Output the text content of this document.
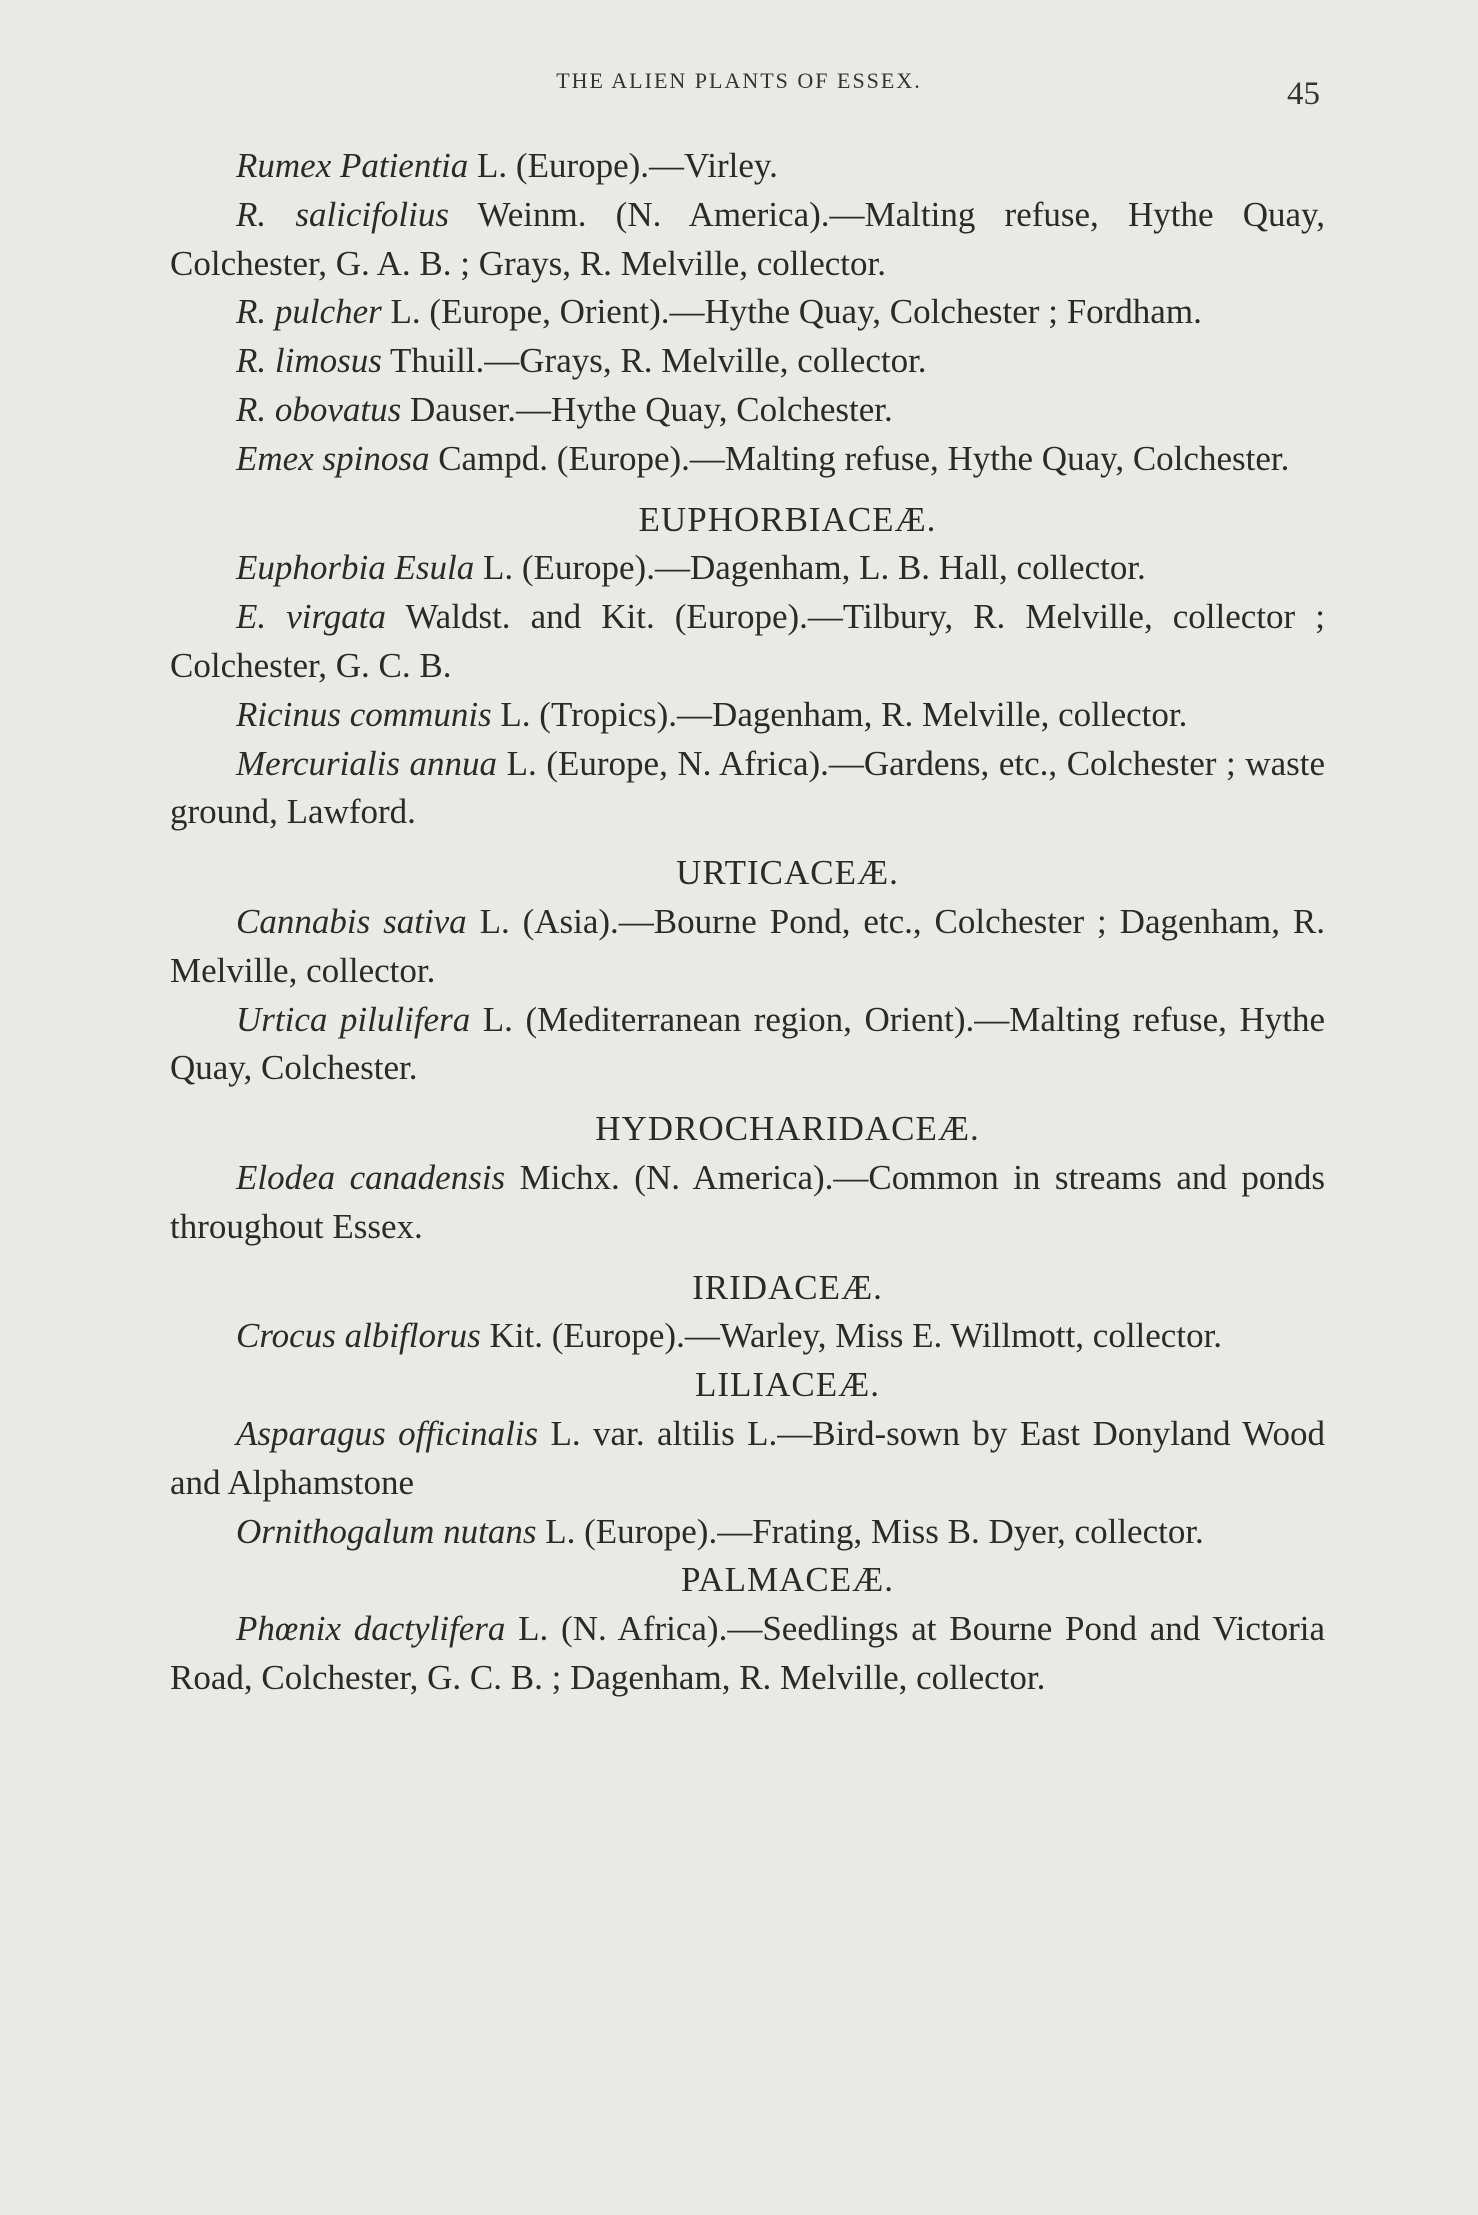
THE ALIEN PLANTS OF ESSEX.	45

Rumex Patientia L. (Europe).—Virley.

R. salicifolius Weinm. (N. America).—Malting refuse, Hythe Quay, Colchester, G. A. B. ; Grays, R. Melville, collector.

R. pulcher L. (Europe, Orient).—Hythe Quay, Colchester ; Fordham.

R. limosus Thuill.—Grays, R. Melville, collector.

R. obovatus Dauser.—Hythe Quay, Colchester.

Emex spinosa Campd. (Europe).—Malting refuse, Hythe Quay, Colchester.

EUPHORBIACEÆ.

Euphorbia Esula L. (Europe).—Dagenham, L. B. Hall, collector.

E. virgata Waldst. and Kit. (Europe).—Tilbury, R. Melville, collector ; Colchester, G. C. B.

Ricinus communis L. (Tropics).—Dagenham, R. Melville, collector.

Mercurialis annua L. (Europe, N. Africa).—Gardens, etc., Colchester ; waste ground, Lawford.

URTICACEÆ.

Cannabis sativa L. (Asia).—Bourne Pond, etc., Colchester ; Dagenham, R. Melville, collector.

Urtica pilulifera L. (Mediterranean region, Orient).—Malting refuse, Hythe Quay, Colchester.

HYDROCHARIDACEÆ.

Elodea canadensis Michx. (N. America).—Common in streams and ponds throughout Essex.

IRIDACEÆ.

Crocus albiflorus Kit. (Europe).—Warley, Miss E. Willmott, collector.

LILIACEÆ.

Asparagus officinalis L. var. altilis L.—Bird-sown by East Donyland Wood and Alphamstone

Ornithogalum nutans L. (Europe).—Frating, Miss B. Dyer, collector.

PALMACEÆ.

Phœnix dactylifera L. (N. Africa).—Seedlings at Bourne Pond and Victoria Road, Colchester, G. C. B. ; Dagenham, R. Melville, collector.
